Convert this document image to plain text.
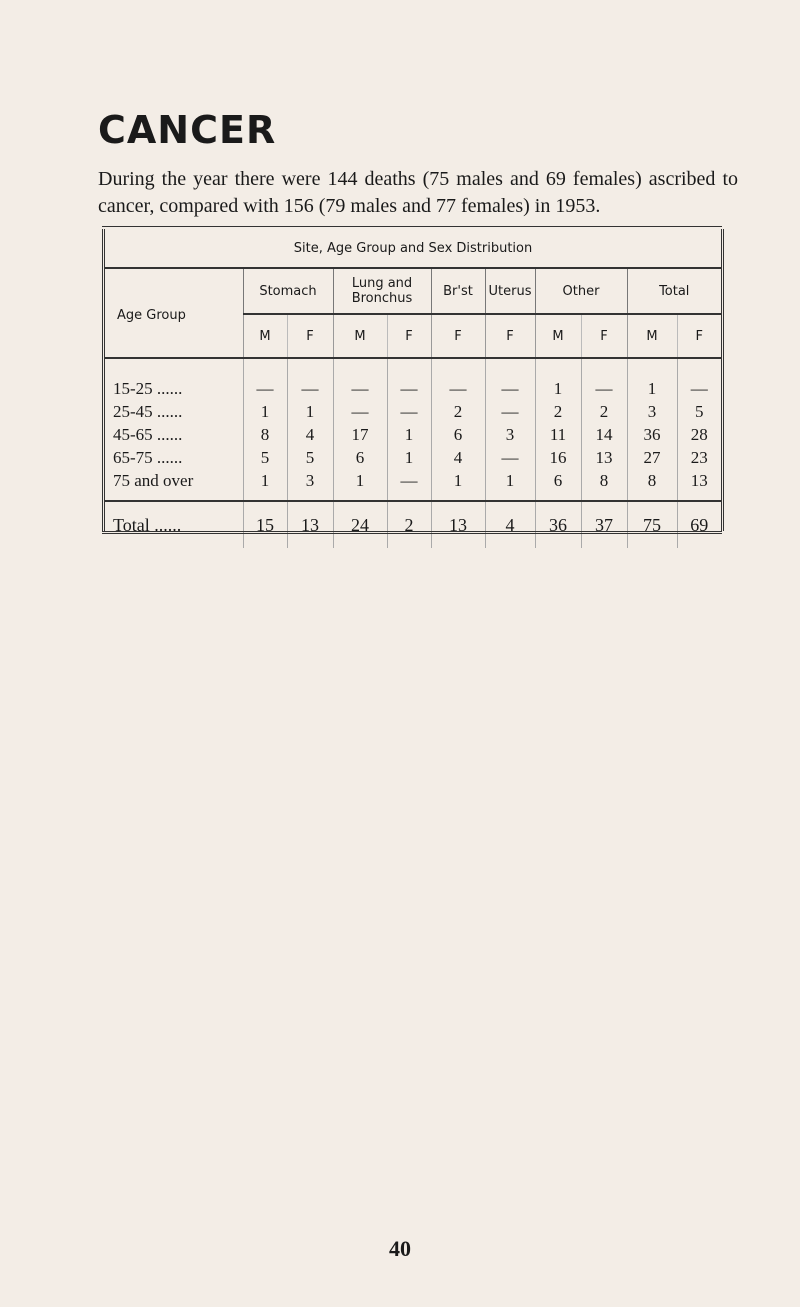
CANCER

During the year there were 144 deaths (75 males and 69 females) ascribed to cancer, compared with 156 (79 males and 77 females) in 1953.

Site, Age Group and Sex Distribution										
Age Group	Stomach		Lung and Bronchus		Br'st	Uterus	Other		Total	
	M	F	M	F	F	F	M	F	M	F
15-25 ......	—	—	—	—	—	—	1	—	1	—
25-45 ......	1	1	—	—	2	—	2	2	3	5
45-65 ......	8	4	17	1	6	3	11	14	36	28
65-75 ......	5	5	6	1	4	—	16	13	27	23
75 and over	1	3	1	—	1	1	6	8	8	13
Total ......	15	13	24	2	13	4	36	37	75	69
40
